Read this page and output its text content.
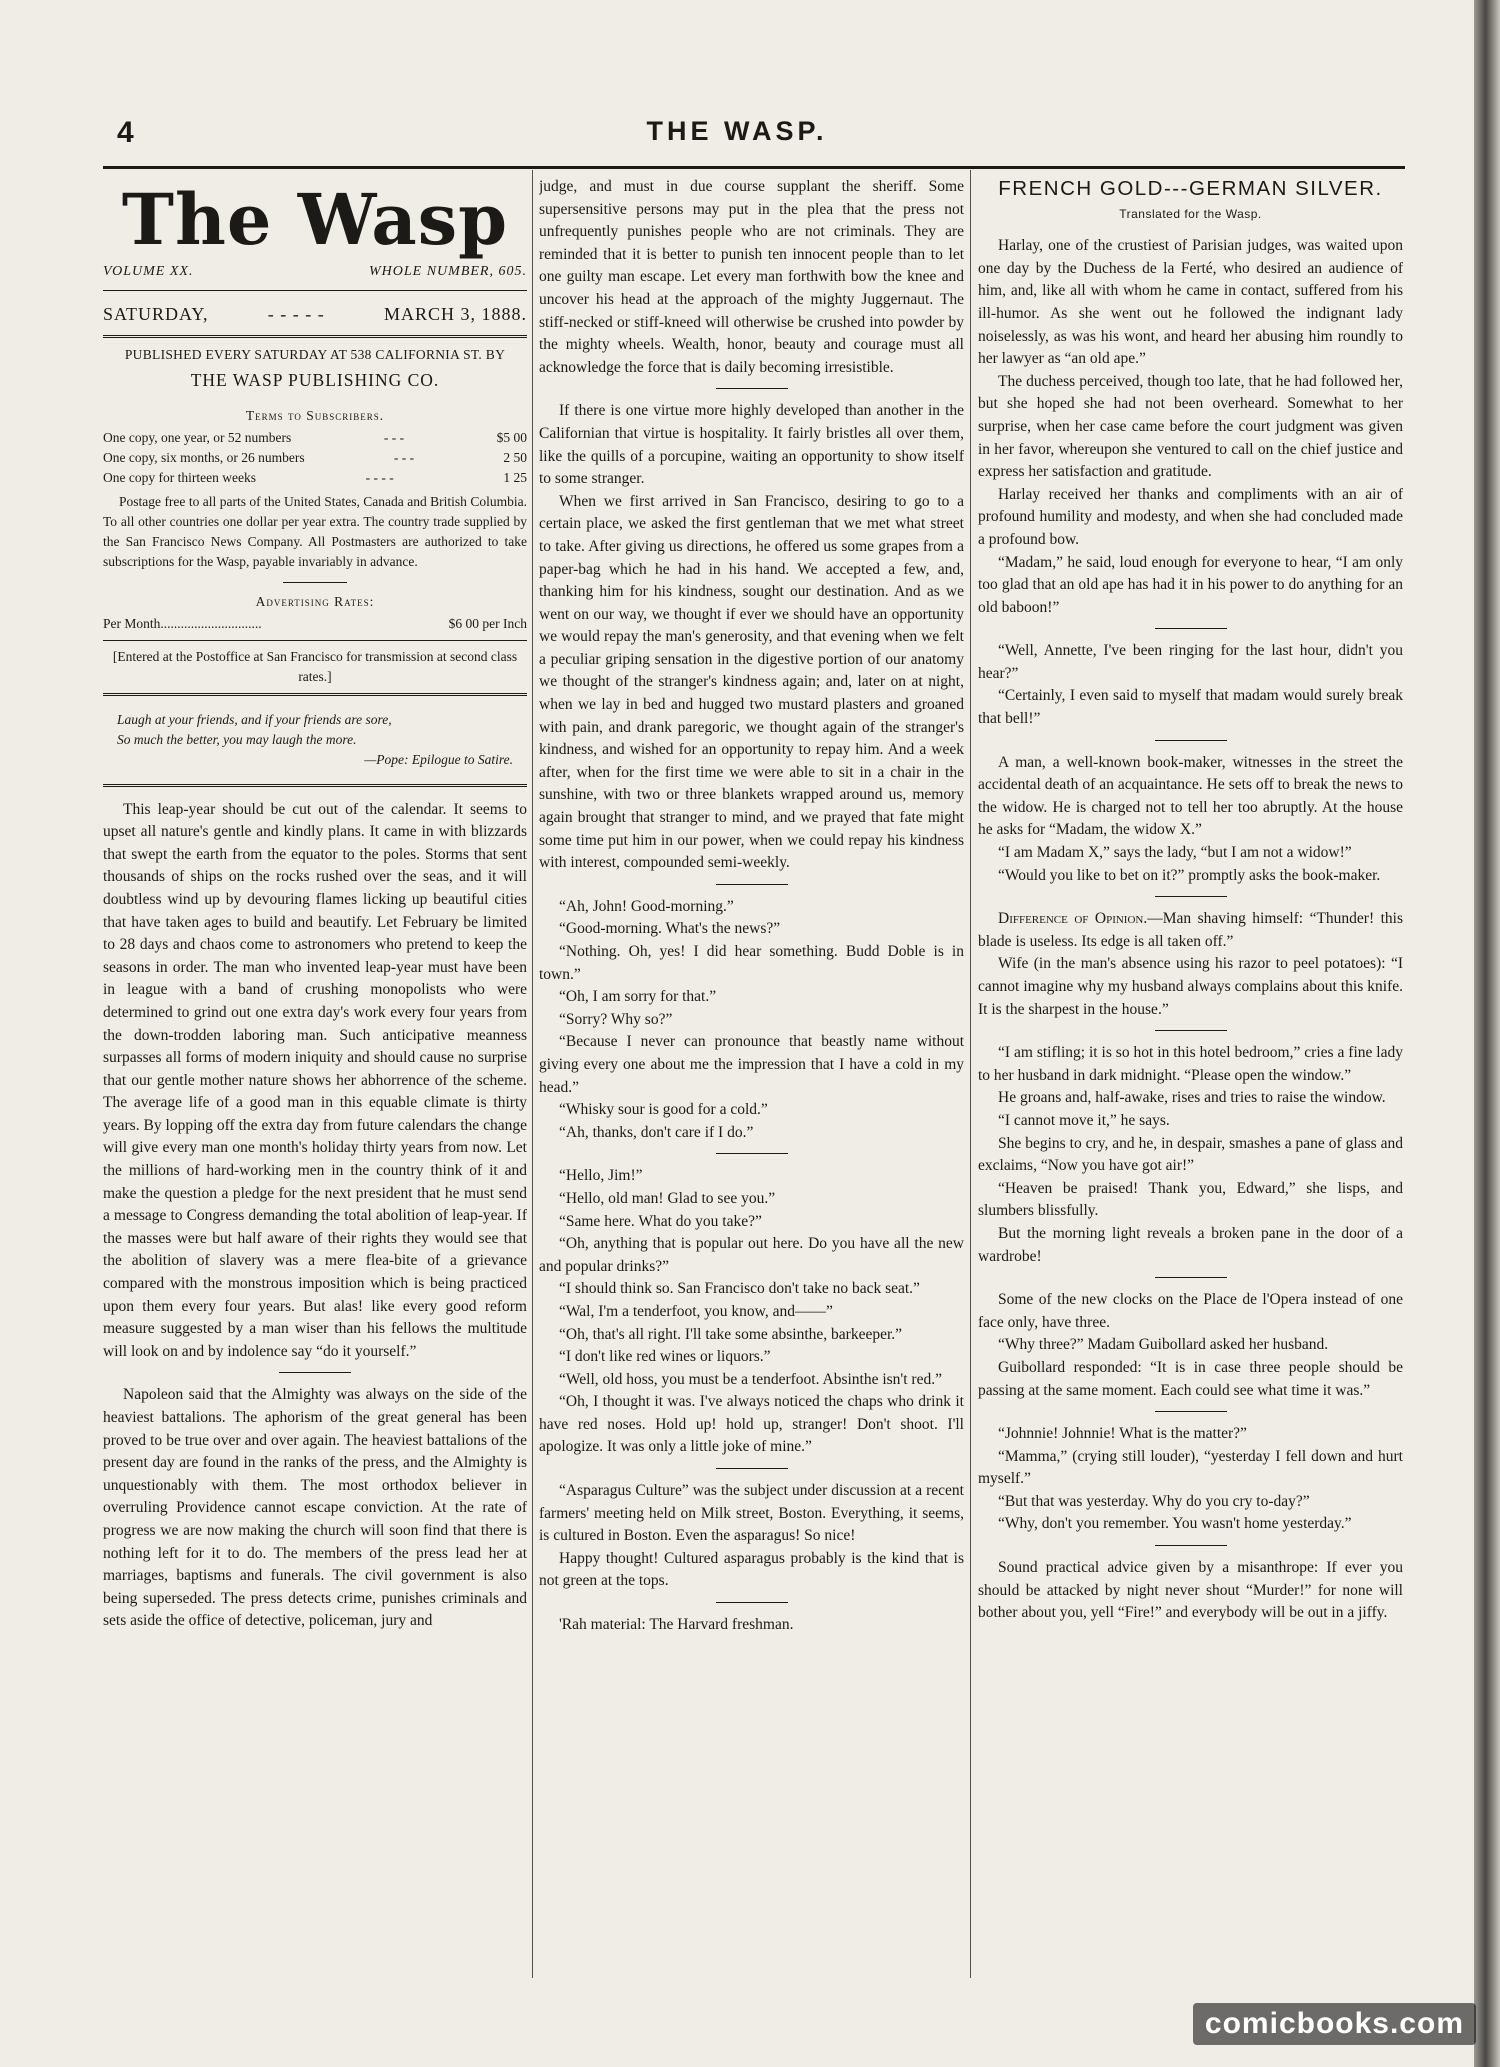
4	THE WASP.
The Wasp
VOLUME XX.	WHOLE NUMBER, 605.
SATURDAY,	- - - - -	MARCH 3, 1888.
PUBLISHED EVERY SATURDAY AT 538 CALIFORNIA ST. BY
THE WASP PUBLISHING CO.
Terms to Subscribers.
One copy, one year, or 52 numbers	- - -	$5 00
One copy, six months, or 26 numbers	- - -	2 50
One copy for thirteen weeks	- - - -	1 25
Postage free to all parts of the United States, Canada and British Columbia. To all other countries one dollar per year extra. The country trade supplied by the San Francisco News Company. All Postmasters are authorized to take subscriptions for the Wasp, payable invariably in advance.
Advertising Rates:
Per Month ..............................	$6 00 per Inch
[Entered at the Postoffice at San Francisco for transmission at second class rates.]
Laugh at your friends, and if your friends are sore,
So much the better, you may laugh the more.
—Pope: Epilogue to Satire.

This leap-year should be cut out of the calendar. It seems to upset all nature's gentle and kindly plans. It came in with blizzards that swept the earth from the equator to the poles. Storms that sent thousands of ships on the rocks rushed over the seas, and it will doubtless wind up by devouring flames licking up beautiful cities that have taken ages to build and beautify. Let February be limited to 28 days and chaos come to astronomers who pretend to keep the seasons in order. The man who invented leap-year must have been in league with a band of crushing monopolists who were determined to grind out one extra day's work every four years from the down-trodden laboring man. Such anticipative meanness surpasses all forms of modern iniquity and should cause no surprise that our gentle mother nature shows her abhorrence of the scheme. The average life of a good man in this equable climate is thirty years. By lopping off the extra day from future calendars the change will give every man one month's holiday thirty years from now. Let the millions of hard-working men in the country think of it and make the question a pledge for the next president that he must send a message to Congress demanding the total abolition of leap-year. If the masses were but half aware of their rights they would see that the abolition of slavery was a mere flea-bite of a grievance compared with the monstrous imposition which is being practiced upon them every four years. But alas! like every good reform measure suggested by a man wiser than his fellows the multitude will look on and by indolence say “do it yourself.”

Napoleon said that the Almighty was always on the side of the heaviest battalions. The aphorism of the great general has been proved to be true over and over again. The heaviest battalions of the present day are found in the ranks of the press, and the Almighty is unquestionably with them. The most orthodox believer in overruling Providence cannot escape conviction. At the rate of progress we are now making the church will soon find that there is nothing left for it to do. The members of the press lead her at marriages, baptisms and funerals. The civil government is also being superseded. The press detects crime, punishes criminals and sets aside the office of detective, policeman, jury and

judge, and must in due course supplant the sheriff. Some supersensitive persons may put in the plea that the press not unfrequently punishes people who are not criminals. They are reminded that it is better to punish ten innocent people than to let one guilty man escape. Let every man forthwith bow the knee and uncover his head at the approach of the mighty Juggernaut. The stiff-necked or stiff-kneed will otherwise be crushed into powder by the mighty wheels. Wealth, honor, beauty and courage must all acknowledge the force that is daily becoming irresistible.

If there is one virtue more highly developed than another in the Californian that virtue is hospitality. It fairly bristles all over them, like the quills of a porcupine, waiting an opportunity to show itself to some stranger.

When we first arrived in San Francisco, desiring to go to a certain place, we asked the first gentleman that we met what street to take. After giving us directions, he offered us some grapes from a paper-bag which he had in his hand. We accepted a few, and, thanking him for his kindness, sought our destination. And as we went on our way, we thought if ever we should have an opportunity we would repay the man's generosity, and that evening when we felt a peculiar griping sensation in the digestive portion of our anatomy we thought of the stranger's kindness again; and, later on at night, when we lay in bed and hugged two mustard plasters and groaned with pain, and drank paregoric, we thought again of the stranger's kindness, and wished for an opportunity to repay him. And a week after, when for the first time we were able to sit in a chair in the sunshine, with two or three blankets wrapped around us, memory again brought that stranger to mind, and we prayed that fate might some time put him in our power, when we could repay his kindness with interest, compounded semi-weekly.

“Ah, John! Good-morning.”

“Good-morning. What's the news?”

“Nothing. Oh, yes! I did hear something. Budd Doble is in town.”

“Oh, I am sorry for that.”

“Sorry? Why so?”

“Because I never can pronounce that beastly name without giving every one about me the impression that I have a cold in my head.”

“Whisky sour is good for a cold.”

“Ah, thanks, don't care if I do.”

“Hello, Jim!”

“Hello, old man! Glad to see you.”

“Same here. What do you take?”

“Oh, anything that is popular out here. Do you have all the new and popular drinks?”

“I should think so. San Francisco don't take no back seat.”

“Wal, I'm a tenderfoot, you know, and——”

“Oh, that's all right. I'll take some absinthe, barkeeper.”

“I don't like red wines or liquors.”

“Well, old hoss, you must be a tenderfoot. Absinthe isn't red.”

“Oh, I thought it was. I've always noticed the chaps who drink it have red noses. Hold up! hold up, stranger! Don't shoot. I'll apologize. It was only a little joke of mine.”

“Asparagus Culture” was the subject under discussion at a recent farmers' meeting held on Milk street, Boston. Everything, it seems, is cultured in Boston. Even the asparagus! So nice!

Happy thought! Cultured asparagus probably is the kind that is not green at the tops.

'Rah material: The Harvard freshman.

FRENCH GOLD---GERMAN SILVER.
Translated for the Wasp.

Harlay, one of the crustiest of Parisian judges, was waited upon one day by the Duchess de la Ferté, who desired an audience of him, and, like all with whom he came in contact, suffered from his ill-humor. As she went out he followed the indignant lady noiselessly, as was his wont, and heard her abusing him roundly to her lawyer as “an old ape.”

The duchess perceived, though too late, that he had followed her, but she hoped she had not been overheard. Somewhat to her surprise, when her case came before the court judgment was given in her favor, whereupon she ventured to call on the chief justice and express her satisfaction and gratitude.

Harlay received her thanks and compliments with an air of profound humility and modesty, and when she had concluded made a profound bow.

“Madam,” he said, loud enough for everyone to hear, “I am only too glad that an old ape has had it in his power to do anything for an old baboon!”

“Well, Annette, I've been ringing for the last hour, didn't you hear?”

“Certainly, I even said to myself that madam would surely break that bell!”

A man, a well-known book-maker, witnesses in the street the accidental death of an acquaintance. He sets off to break the news to the widow. He is charged not to tell her too abruptly. At the house he asks for “Madam, the widow X.”

“I am Madam X,” says the lady, “but I am not a widow!”

“Would you like to bet on it?” promptly asks the book-maker.

Difference of Opinion.—Man shaving himself: “Thunder! this blade is useless. Its edge is all taken off.”

Wife (in the man's absence using his razor to peel potatoes): “I cannot imagine why my husband always complains about this knife. It is the sharpest in the house.”

“I am stifling; it is so hot in this hotel bedroom,” cries a fine lady to her husband in dark midnight. “Please open the window.”

He groans and, half-awake, rises and tries to raise the window.

“I cannot move it,” he says.

She begins to cry, and he, in despair, smashes a pane of glass and exclaims, “Now you have got air!”

“Heaven be praised! Thank you, Edward,” she lisps, and slumbers blissfully.

But the morning light reveals a broken pane in the door of a wardrobe!

Some of the new clocks on the Place de l'Opera instead of one face only, have three.

“Why three?” Madam Guibollard asked her husband.

Guibollard responded: “It is in case three people should be passing at the same moment. Each could see what time it was.”

“Johnnie! Johnnie! What is the matter?”

“Mamma,” (crying still louder), “yesterday I fell down and hurt myself.”

“But that was yesterday. Why do you cry to-day?”

“Why, don't you remember. You wasn't home yesterday.”

Sound practical advice given by a misanthrope: If ever you should be attacked by night never shout “Murder!” for none will bother about you, yell “Fire!” and everybody will be out in a jiffy.

comicbooks.com
